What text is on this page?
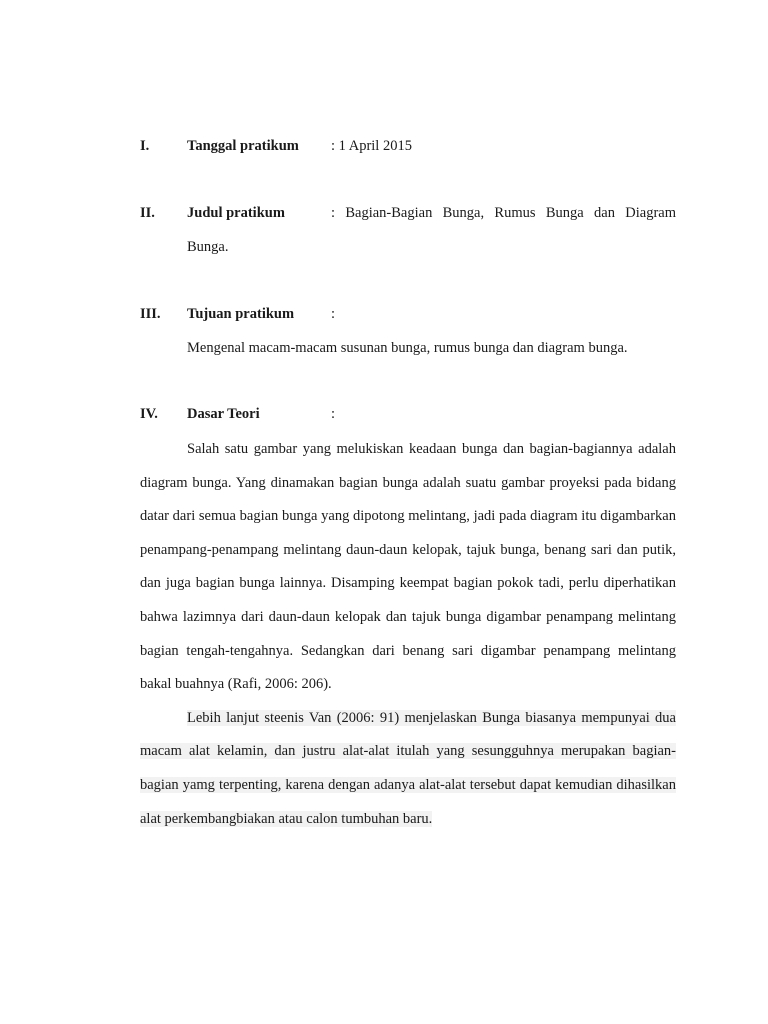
I.	Tanggal pratikum	: 1 April 2015
II.	Judul pratikum	: Bagian-Bagian Bunga, Rumus Bunga dan Diagram
Bunga.
III.	Tujuan pratikum	:
Mengenal macam-macam susunan bunga, rumus bunga dan diagram bunga.
IV.	Dasar Teori	:

Salah satu gambar yang melukiskan keadaan bunga dan bagian-bagiannya adalah diagram bunga. Yang dinamakan bagian bunga adalah suatu gambar proyeksi pada bidang datar dari semua bagian bunga yang dipotong melintang, jadi pada diagram itu digambarkan penampang-penampang melintang daun-daun kelopak, tajuk bunga, benang sari dan putik, dan juga bagian bunga lainnya. Disamping keempat bagian pokok tadi, perlu diperhatikan bahwa lazimnya dari daun-daun kelopak dan tajuk bunga digambar penampang melintang bagian tengah-tengahnya. Sedangkan dari benang sari digambar penampang melintang bakal buahnya (Rafi, 2006: 206).

Lebih lanjut steenis Van (2006: 91) menjelaskan Bunga biasanya mempunyai dua macam alat kelamin, dan justru alat-alat itulah yang sesungguhnya merupakan bagian-bagian yamg terpenting, karena dengan adanya alat-alat tersebut dapat kemudian dihasilkan alat perkembangbiakan atau calon tumbuhan baru.
